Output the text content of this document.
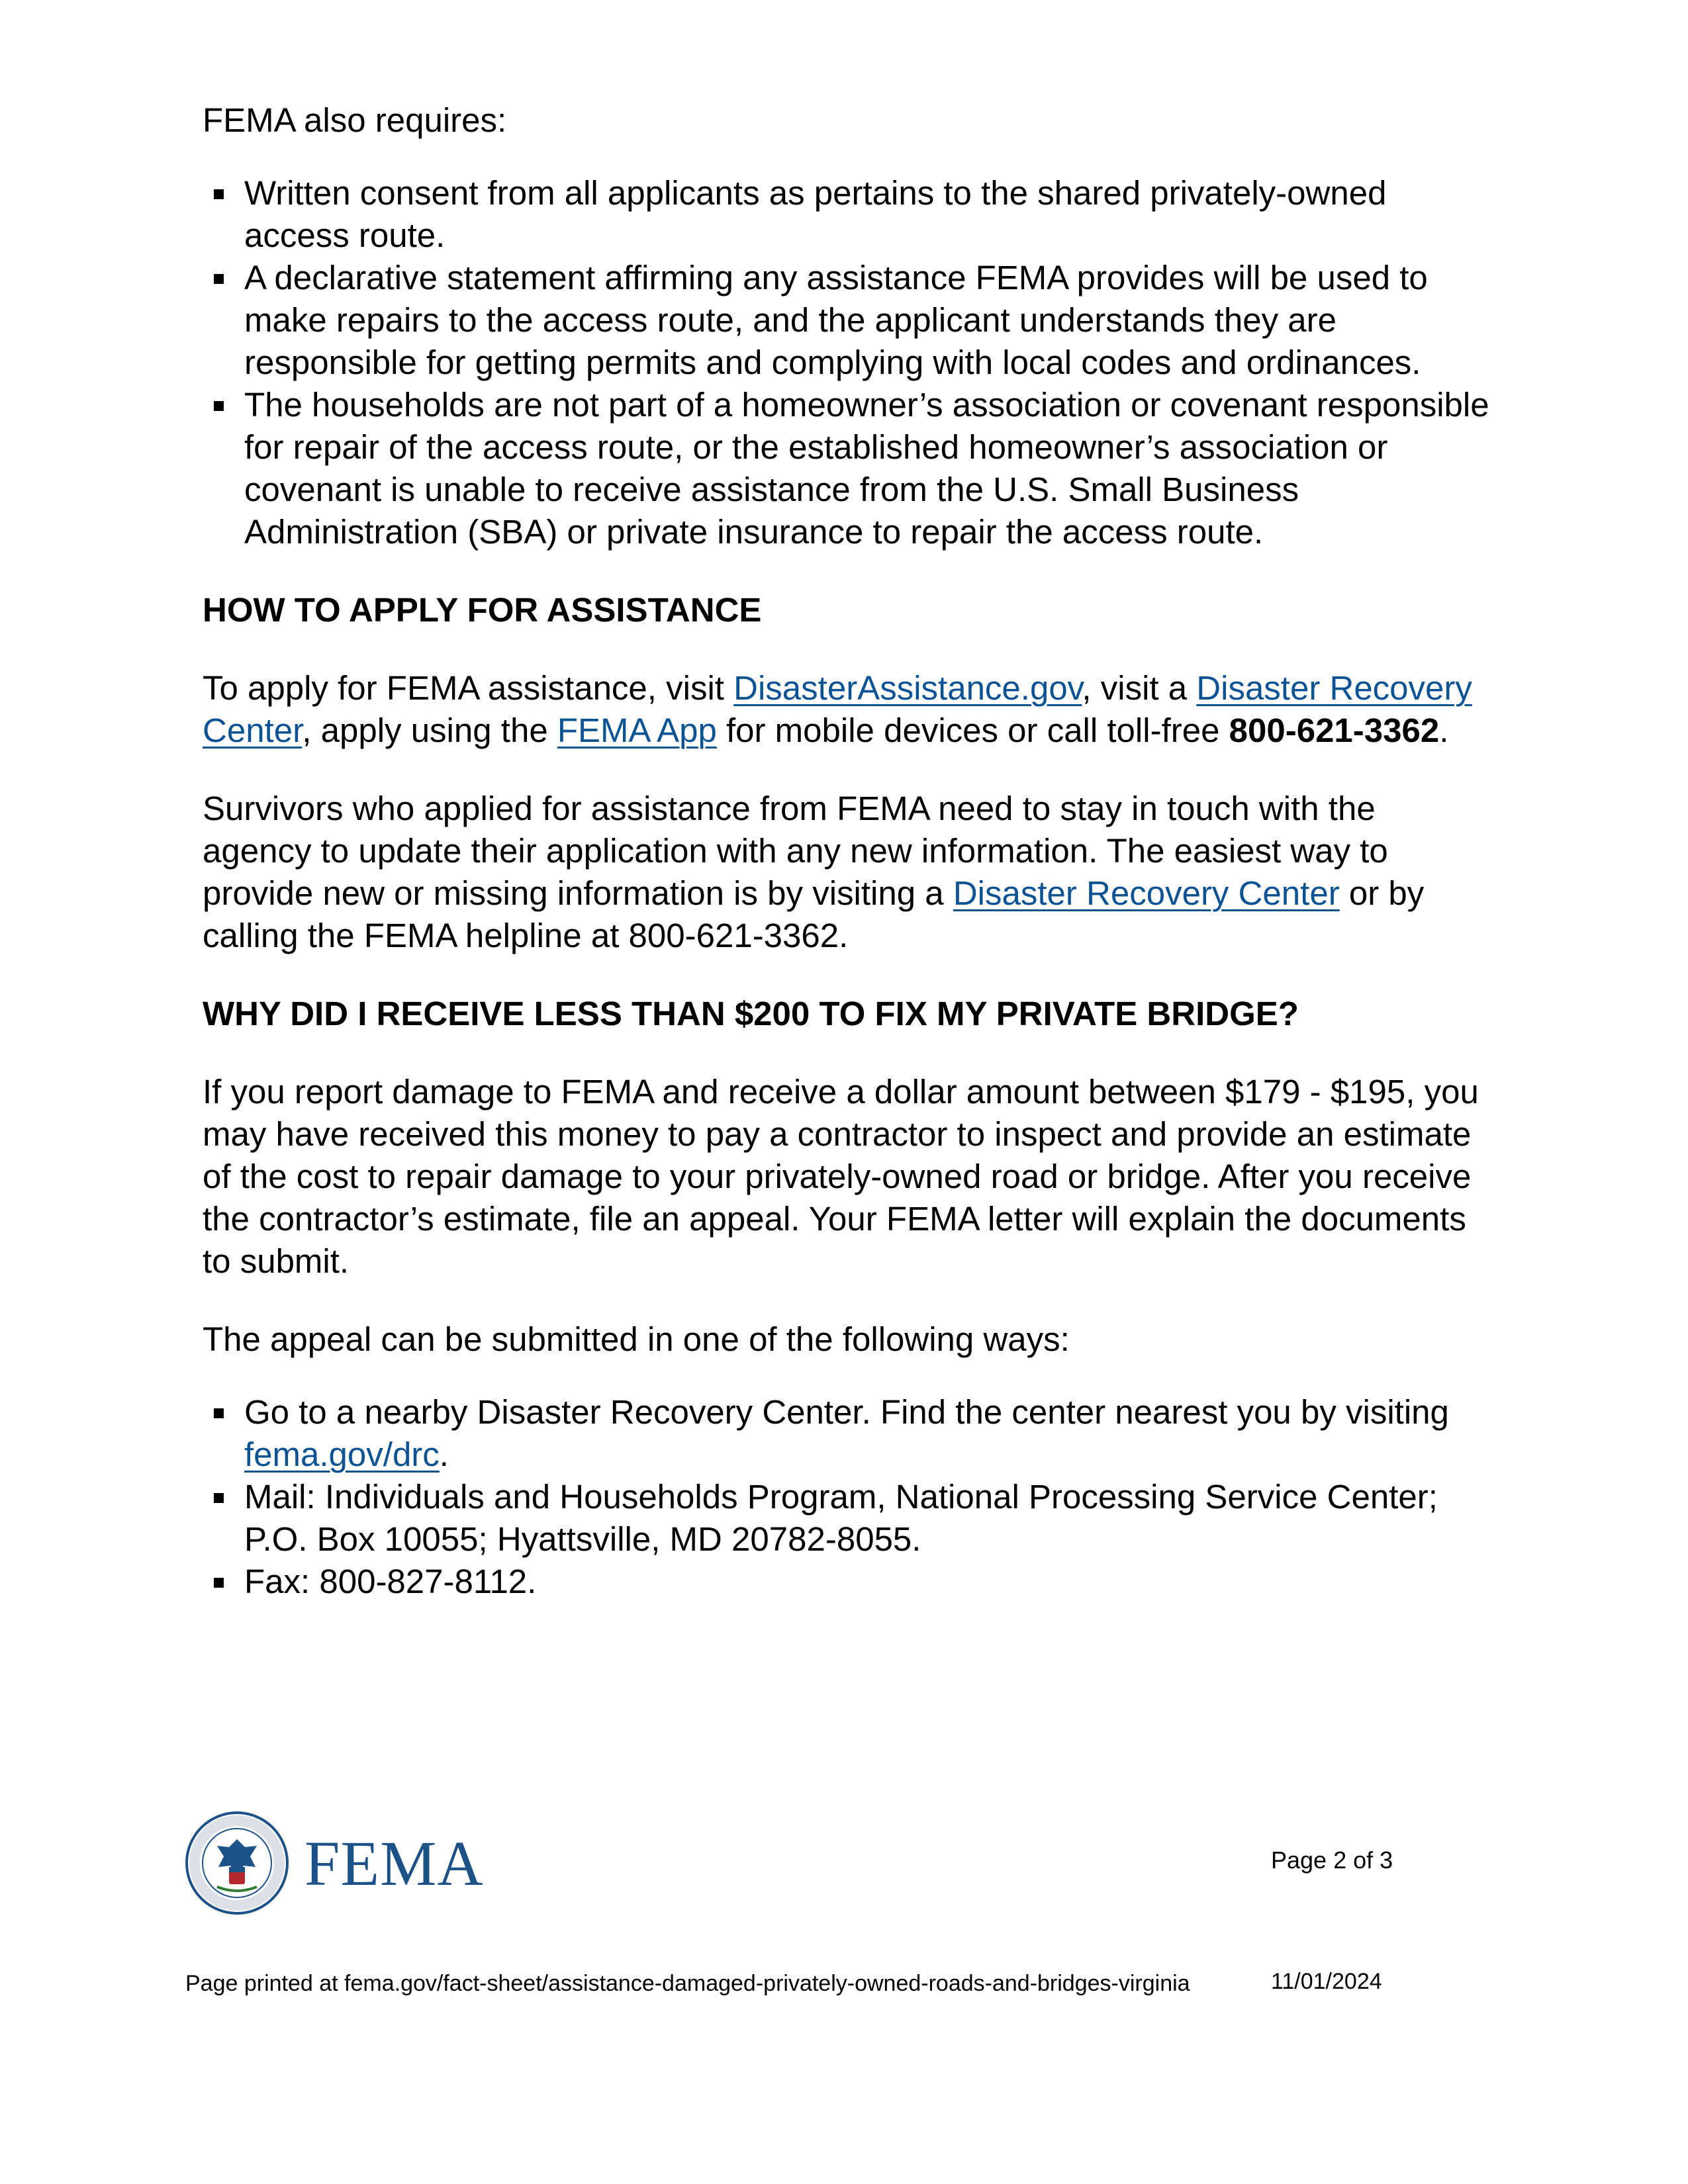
FEMA also requires:

Written consent from all applicants as pertains to the shared privately-owned access route.
A declarative statement affirming any assistance FEMA provides will be used to make repairs to the access route, and the applicant understands they are responsible for getting permits and complying with local codes and ordinances.
The households are not part of a homeowner’s association or covenant responsible for repair of the access route, or the established homeowner’s association or covenant is unable to receive assistance from the U.S. Small Business Administration (SBA) or private insurance to repair the access route.
HOW TO APPLY FOR ASSISTANCE

To apply for FEMA assistance, visit DisasterAssistance.gov, visit a Disaster Recovery Center, apply using the FEMA App for mobile devices or call toll-free 800-621-3362.

Survivors who applied for assistance from FEMA need to stay in touch with the agency to update their application with any new information. The easiest way to provide new or missing information is by visiting a Disaster Recovery Center or by calling the FEMA helpline at 800-621-3362.

WHY DID I RECEIVE LESS THAN $200 TO FIX MY PRIVATE BRIDGE?

If you report damage to FEMA and receive a dollar amount between $179 - $195, you may have received this money to pay a contractor to inspect and provide an estimate of the cost to repair damage to your privately-owned road or bridge. After you receive the contractor’s estimate, file an appeal. Your FEMA letter will explain the documents to submit.

The appeal can be submitted in one of the following ways:

Go to a nearby Disaster Recovery Center. Find the center nearest you by visiting fema.gov/drc.
Mail: Individuals and Households Program, National Processing Service Center; P.O. Box 10055; Hyattsville, MD 20782-8055.
Fax: 800-827-8112.
FEMA	Page 2 of 3
Page printed at fema.gov/fact-sheet/assistance-damaged-privately-owned-roads-and-bridges-virginia	11/01/2024
